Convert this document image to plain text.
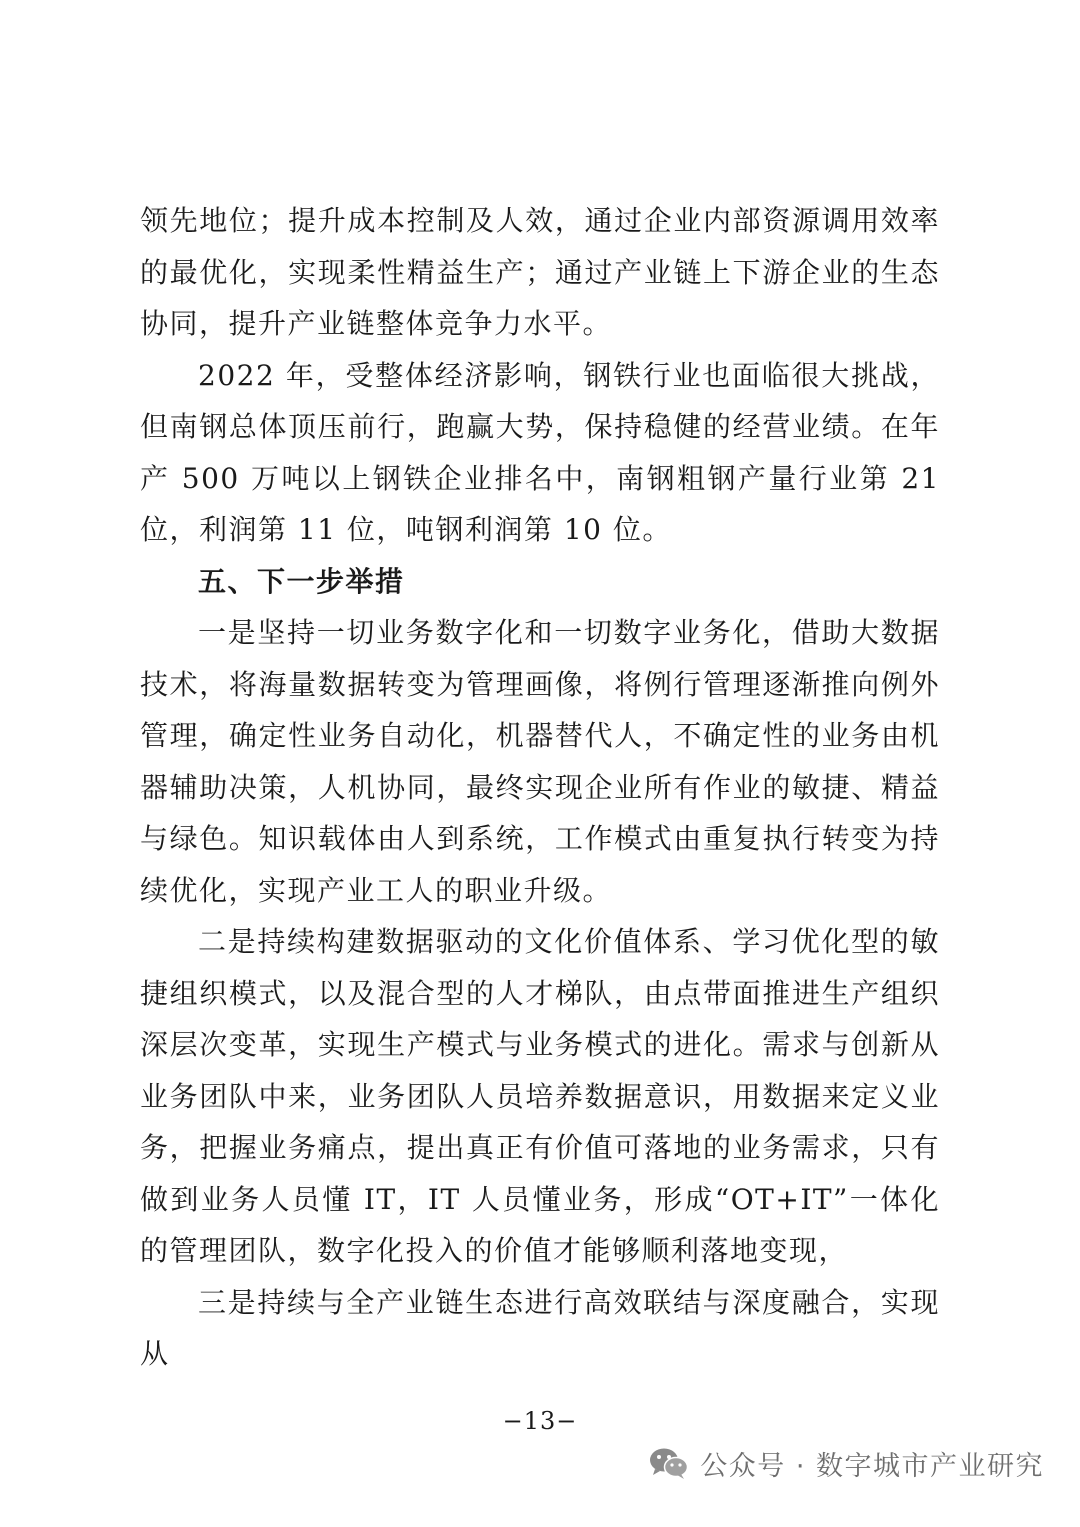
领先地位；提升成本控制及人效，通过企业内部资源调用效率的最优化，实现柔性精益生产；通过产业链上下游企业的生态协同，提升产业链整体竞争力水平。

2022 年，受整体经济影响，钢铁行业也面临很大挑战，但南钢总体顶压前行，跑赢大势，保持稳健的经营业绩。在年产 500 万吨以上钢铁企业排名中，南钢粗钢产量行业第 21 位，利润第 11 位，吨钢利润第 10 位。

五、下一步举措

一是坚持一切业务数字化和一切数字业务化，借助大数据技术，将海量数据转变为管理画像，将例行管理逐渐推向例外管理，确定性业务自动化，机器替代人，不确定性的业务由机器辅助决策，人机协同，最终实现企业所有作业的敏捷、精益与绿色。知识载体由人到系统，工作模式由重复执行转变为持续优化，实现产业工人的职业升级。

二是持续构建数据驱动的文化价值体系、学习优化型的敏捷组织模式，以及混合型的人才梯队，由点带面推进生产组织深层次变革，实现生产模式与业务模式的进化。需求与创新从业务团队中来，业务团队人员培养数据意识，用数据来定义业务，把握业务痛点，提出真正有价值可落地的业务需求，只有做到业务人员懂 IT，IT 人员懂业务，形成“OT+IT”一体化的管理团队，数字化投入的价值才能够顺利落地变现，

三是持续与全产业链生态进行高效联结与深度融合，实现从

−13−
公众号 · 数字城市产业研究
